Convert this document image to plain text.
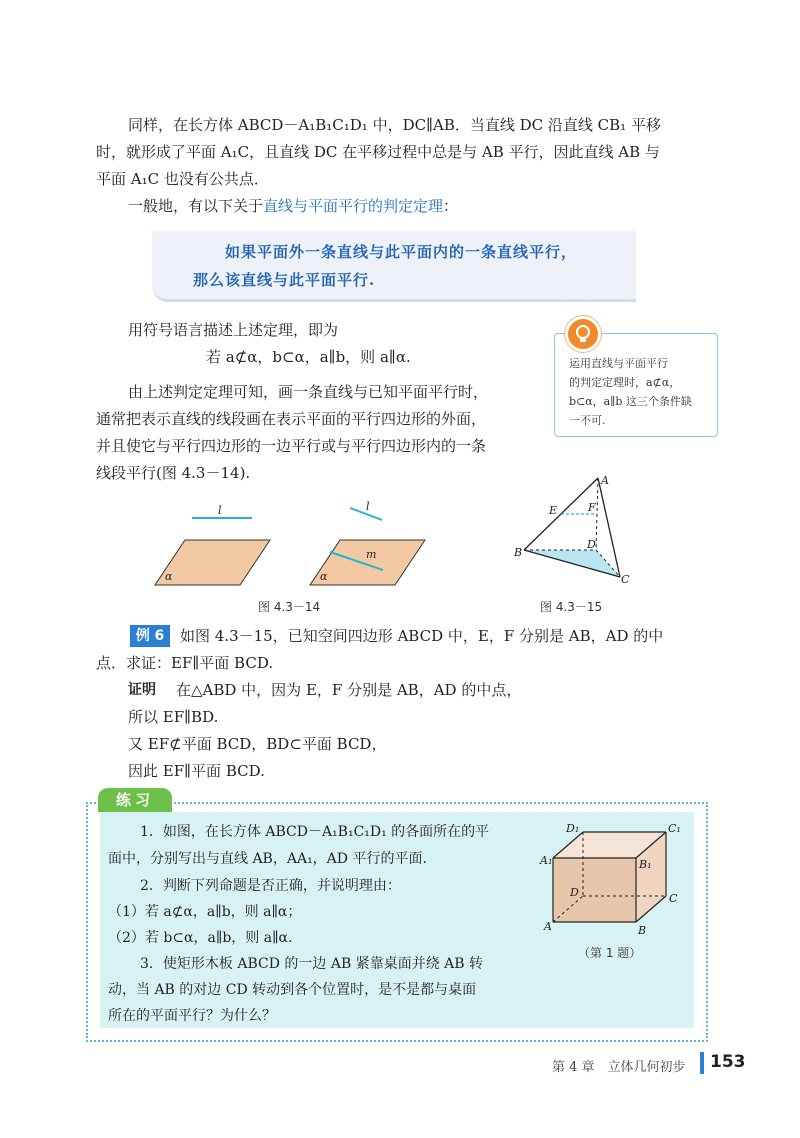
同样，在长方体 ABCD－A₁B₁C₁D₁ 中，DC∥AB．当直线 DC 沿直线 CB₁ 平移
时，就形成了平面 A₁C，且直线 DC 在平移过程中总是与 AB 平行，因此直线 AB 与
平面 A₁C 也没有公共点．
一般地，有以下关于直线与平面平行的判定定理：
如果平面外一条直线与此平面内的一条直线平行，
那么该直线与此平面平行.
用符号语言描述上述定理，即为
若 a⊄α，b⊂α，a∥b，则 a∥α.	运用直线与平面平行
的判定定理时，a⊄α，
b⊂α，a∥b 这三个条件缺
一不可.
由上述判定定理可知，画一条直线与已知平面平行时，
通常把表示直线的线段画在表示平面的平行四边形的外面，
并且使它与平行四边形的一边平行或与平行四边形内的一条
线段平行(图 4.3－14).
l
α
l
m
α
图 4.3－14
A
B
C
D
E	F
图 4.3－15
例 6	如图 4.3－15，已知空间四边形 ABCD 中，E，F 分别是 AB，AD 的中
点．求证：EF∥平面 BCD.
证明 在△ABD 中，因为 E，F 分别是 AB，AD 的中点，
所以 EF∥BD.
又 EF⊄平面 BCD，BD⊂平面 BCD，
因此 EF∥平面 BCD.
练习
1．如图，在长方体 ABCD－A₁B₁C₁D₁ 的各面所在的平
面中，分别写出与直线 AB，AA₁，AD 平行的平面.
2．判断下列命题是否正确，并说明理由：
（1）若 a⊄α，a∥b，则 a∥α；
（2）若 b⊂α，a∥b，则 a∥α.
3．使矩形木板 ABCD 的一边 AB 紧靠桌面并绕 AB 转
动，当 AB 的对边 CD 转动到各个位置时，是不是都与桌面
所在的平面平行？为什么？
D₁	C₁
A₁	B₁
D	C
A	B
（第 1 题）
第 4 章　立体几何初步 153
